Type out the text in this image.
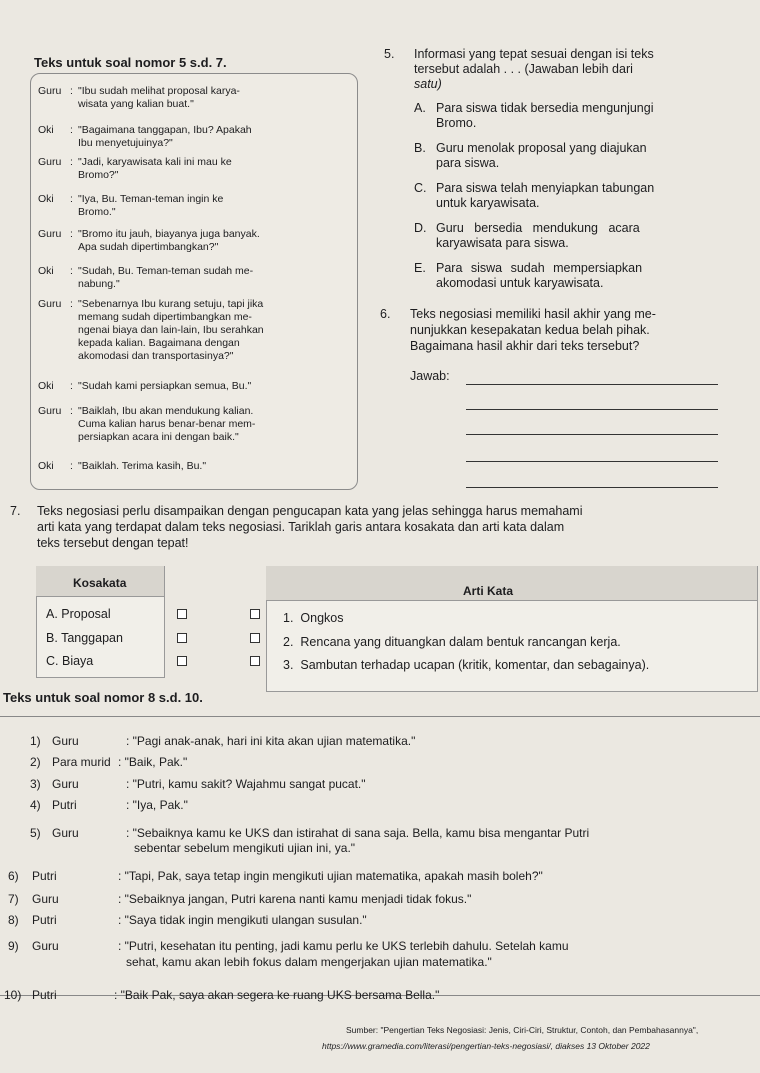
Teks untuk soal nomor 5 s.d. 7.
Guru : "Ibu sudah melihat proposal karya-
wisata yang kalian buat."
Oki : "Bagaimana tanggapan, Ibu? Apakah
Ibu menyetujuinya?"
Guru : "Jadi, karyawisata kali ini mau ke
Bromo?"
Oki : "Iya, Bu. Teman-teman ingin ke
Bromo."
Guru : "Bromo itu jauh, biayanya juga banyak.
Apa sudah dipertimbangkan?"
Oki : "Sudah, Bu. Teman-teman sudah me-
nabung."
Guru : "Sebenarnya Ibu kurang setuju, tapi jika
memang sudah dipertimbangkan me-
ngenai biaya dan lain-lain, Ibu serahkan
kepada kalian. Bagaimana dengan
akomodasi dan transportasinya?"
Oki : "Sudah kami persiapkan semua, Bu."
Guru : "Baiklah, Ibu akan mendukung kalian.
Cuma kalian harus benar-benar mem-
persiapkan acara ini dengan baik."
Oki : "Baiklah. Terima kasih, Bu."
5. Informasi yang tepat sesuai dengan isi teks
tersebut adalah . . . (Jawaban lebih dari
satu)
A. Para siswa tidak bersedia mengunjungi
Bromo.
B. Guru menolak proposal yang diajukan
para siswa.
C. Para siswa telah menyiapkan tabungan
untuk karyawisata.
D. Guru bersedia mendukung acara
karyawisata para siswa.
E. Para siswa sudah mempersiapkan
akomodasi untuk karyawisata.
6. Teks negosiasi memiliki hasil akhir yang me-
nunjukkan kesepakatan kedua belah pihak.
Bagaimana hasil akhir dari teks tersebut?
Jawab:
7. Teks negosiasi perlu disampaikan dengan pengucapan kata yang jelas sehingga harus memahami
arti kata yang terdapat dalam teks negosiasi. Tariklah garis antara kosakata dan arti kata dalam
teks tersebut dengan tepat!
Kosakata
A. Proposal
B. Tanggapan
C. Biaya
Arti Kata
1. Ongkos
2. Rencana yang dituangkan dalam bentuk rancangan kerja.
3. Sambutan terhadap ucapan (kritik, komentar, dan sebagainya).
Teks untuk soal nomor 8 s.d. 10.
1) Guru	: "Pagi anak-anak, hari ini kita akan ujian matematika."
2) Para murid : "Baik, Pak."
3) Guru	: "Putri, kamu sakit? Wajahmu sangat pucat."
4) Putri	: "Iya, Pak."
5) Guru	: "Sebaiknya kamu ke UKS dan istirahat di sana saja. Bella, kamu bisa mengantar Putri
sebentar sebelum mengikuti ujian ini, ya."
6) Putri	: "Tapi, Pak, saya tetap ingin mengikuti ujian matematika, apakah masih boleh?"
7) Guru	: "Sebaiknya jangan, Putri karena nanti kamu menjadi tidak fokus."
8) Putri	: "Saya tidak ingin mengikuti ulangan susulan."
9) Guru	: "Putri, kesehatan itu penting, jadi kamu perlu ke UKS terlebih dahulu. Setelah kamu
sehat, kamu akan lebih fokus dalam mengerjakan ujian matematika."
10) Putri	: "Baik Pak, saya akan segera ke ruang UKS bersama Bella."
Sumber: "Pengertian Teks Negosiasi: Jenis, Ciri-Ciri, Struktur, Contoh, dan Pembahasannya",
https://www.gramedia.com/literasi/pengertian-teks-negosiasi/, diakses 13 Oktober 2022
